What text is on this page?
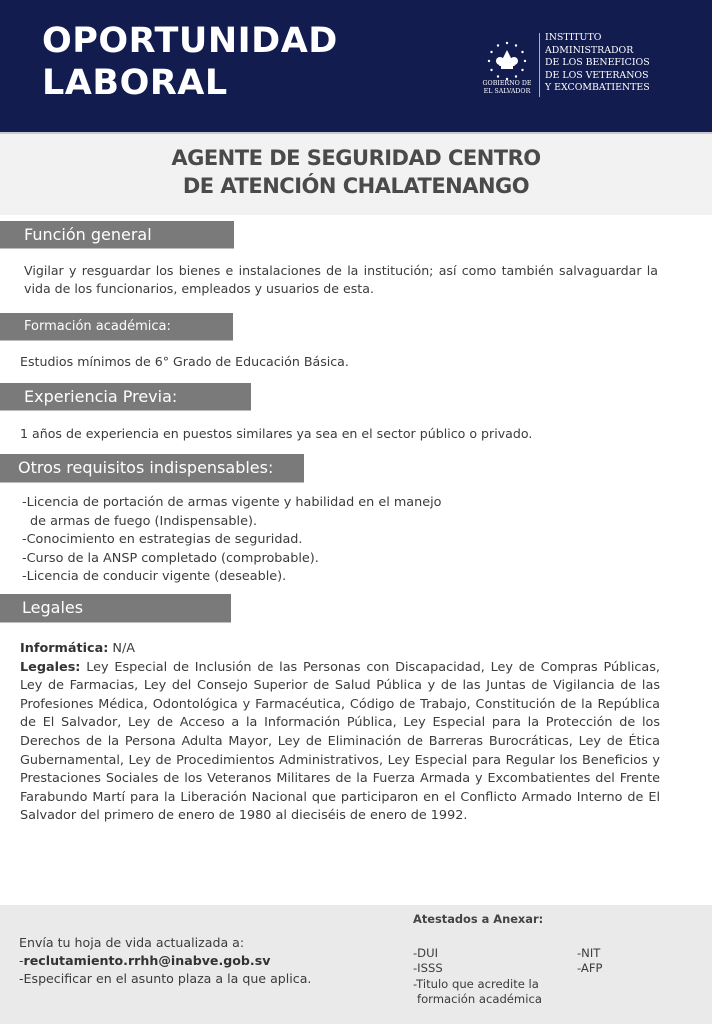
OPORTUNIDAD
LABORAL	GOBIERNO DE
EL SALVADOR
INSTITUTO
ADMINISTRADOR
DE LOS BENEFICIOS
DE LOS VETERANOS
Y EXCOMBATIENTES
AGENTE DE SEGURIDAD CENTRO
DE ATENCIÓN CHALATENANGO
Función general
Vigilar y resguardar los bienes e instalaciones de la institución; así como también salvaguardar la vida de los funcionarios, empleados y usuarios de esta.
Formación académica:
Estudios mínimos de 6° Grado de Educación Básica.
Experiencia Previa:
1 años de experiencia en puestos similares ya sea en el sector público o privado.
Otros requisitos indispensables:
-Licencia de portación de armas vigente y habilidad en el manejo
de armas de fuego (Indispensable).
-Conocimiento en estrategias de seguridad.
-Curso de la ANSP completado (comprobable).
-Licencia de conducir vigente (deseable).
Legales
Informática: N/A
Legales: Ley Especial de Inclusión de las Personas con Discapacidad, Ley de Compras Públicas, Ley de Farmacias, Ley del Consejo Superior de Salud Pública y de las Juntas de Vigilancia de las Profesiones Médica, Odontológica y Farmacéutica, Código de Trabajo, Constitución de la República de El Salvador, Ley de Acceso a la Información Pública, Ley Especial para la Protección de los Derechos de la Persona Adulta Mayor, Ley de Eliminación de Barreras Burocráticas, Ley de Ética Gubernamental, Ley de Procedimientos Administrativos, Ley Especial para Regular los Beneficios y Prestaciones Sociales de los Veteranos Militares de la Fuerza Armada y Excombatientes del Frente Farabundo Martí para la Liberación Nacional que participaron en el Conflicto Armado Interno de El Salvador del primero de enero de 1980 al dieciséis de enero de 1992.
Envía tu hoja de vida actualizada a:
-reclutamiento.rrhh@inabve.gob.sv
-Especificar en el asunto plaza a la que aplica.
Atestados a Anexar:
-DUI	-NIT
-ISSS	-AFP
-Titulo que acredite la
formación académica
